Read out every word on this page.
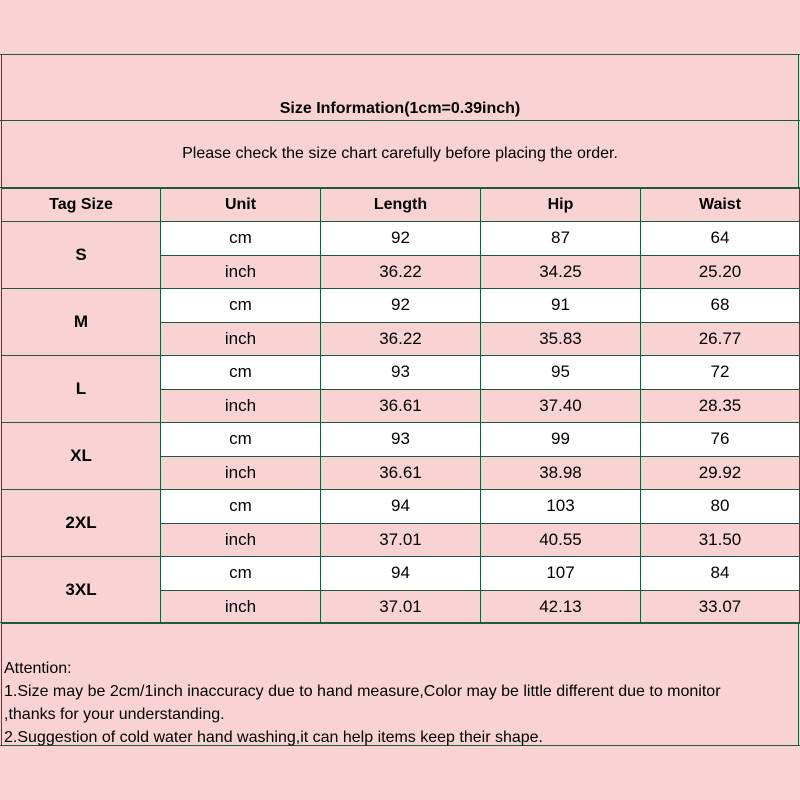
Size Information(1cm=0.39inch)
Please check the size chart carefully before placing the order.
Tag Size	Unit	Length	Hip	Waist
S	cm	92	87	64
	inch	36.22	34.25	25.20
M	cm	92	91	68
	inch	36.22	35.83	26.77
L	cm	93	95	72
	inch	36.61	37.40	28.35
XL	cm	93	99	76
	inch	36.61	38.98	29.92
2XL	cm	94	103	80
	inch	37.01	40.55	31.50
3XL	cm	94	107	84
	inch	37.01	42.13	33.07
Attention:
1.Size may be 2cm/1inch inaccuracy due to hand measure,Color may be little different due to monitor
,thanks for your understanding.
2.Suggestion of cold water hand washing,it can help items keep their shape.
